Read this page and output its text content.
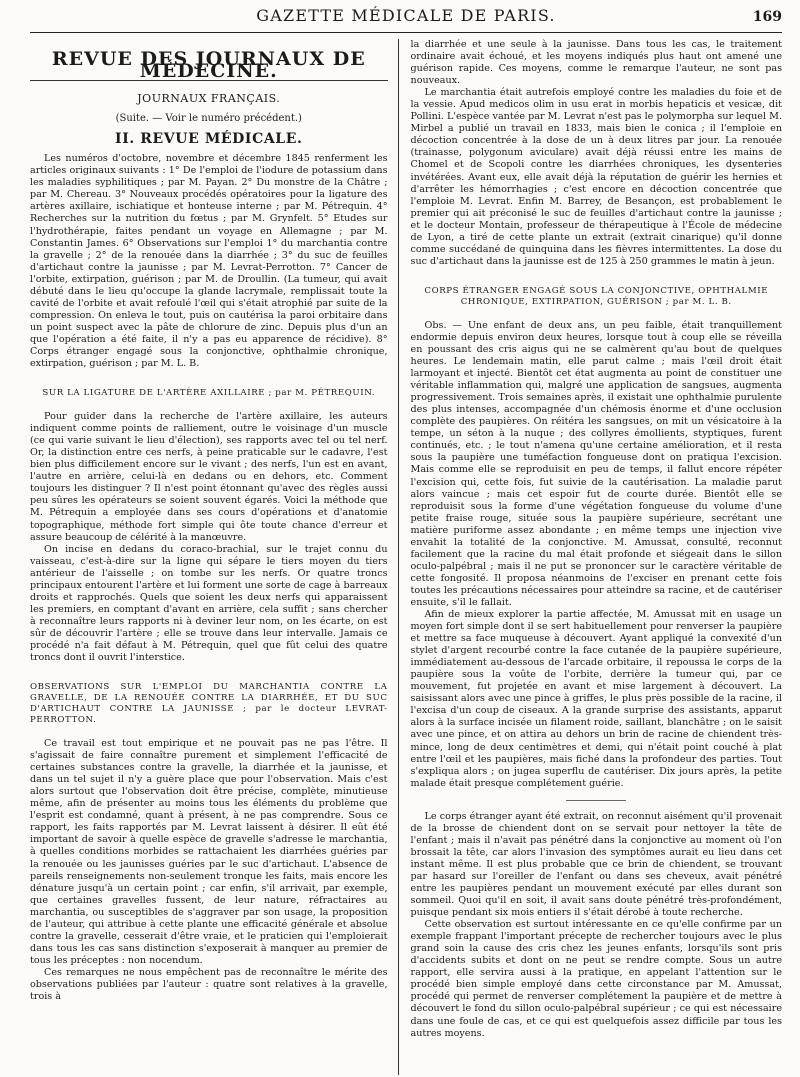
GAZETTE MÉDICALE DE PARIS.	169
REVUE DES JOURNAUX DE MÉDECINE.
JOURNAUX FRANÇAIS.
(Suite. — Voir le numéro précédent.)
II. REVUE MÉDICALE.

Les numéros d'octobre, novembre et décembre 1845 renferment les articles originaux suivants : 1° De l'emploi de l'iodure de potassium dans les maladies syphilitiques ; par M. Payan. 2° Du monstre de la Châtre ; par M. Chereau. 3° Nouveaux procédés opératoires pour la ligature des artères axillaire, ischiatique et honteuse interne ; par M. Pétrequin. 4° Recherches sur la nutrition du fœtus ; par M. Grynfelt. 5° Etudes sur l'hydrothérapie, faites pendant un voyage en Allemagne ; par M. Constantin James. 6° Observations sur l'emploi 1° du marchantia contre la gravelle ; 2° de la renouée dans la diarrhée ; 3° du suc de feuilles d'artichaut contre la jaunisse ; par M. Levrat-Perrotton. 7° Cancer de l'orbite, extirpation, guérison ; par M. de Droullin. (La tumeur, qui avait débuté dans le lieu qu'occupe la glande lacrymale, remplissait toute la cavité de l'orbite et avait refoulé l'œil qui s'était atrophié par suite de la compression. On enleva le tout, puis on cautérisa la paroi orbitaire dans un point suspect avec la pâte de chlorure de zinc. Depuis plus d'un an que l'opération a été faite, il n'y a pas eu apparence de récidive). 8° Corps étranger engagé sous la conjonctive, ophthalmie chronique, extirpation, guérison ; par M. L. B.

SUR LA LIGATURE DE L'ARTÈRE AXILLAIRE ; par M. PÉTREQUIN.

Pour guider dans la recherche de l'artère axillaire, les auteurs indiquent comme points de ralliement, outre le voisinage d'un muscle (ce qui varie suivant le lieu d'élection), ses rapports avec tel ou tel nerf. Or, la distinction entre ces nerfs, à peine praticable sur le cadavre, l'est bien plus difficilement encore sur le vivant ; des nerfs, l'un est en avant, l'autre en arrière, celui-là en dedans ou en dehors, etc. Comment toujours les distinguer ? Il n'est point étonnant qu'avec des règles aussi peu sûres les opérateurs se soient souvent égarés. Voici la méthode que M. Pétrequin a employée dans ses cours d'opérations et d'anatomie topographique, méthode fort simple qui ôte toute chance d'erreur et assure beaucoup de célérité à la manœuvre.

On incise en dedans du coraco-brachial, sur le trajet connu du vaisseau, c'est-à-dire sur la ligne qui sépare le tiers moyen du tiers antérieur de l'aisselle ; on tombe sur les nerfs. Or quatre troncs principaux entourent l'artère et lui forment une sorte de cage à barreaux droits et rapprochés. Quels que soient les deux nerfs qui apparaissent les premiers, en comptant d'avant en arrière, cela suffit ; sans chercher à reconnaître leurs rapports ni à deviner leur nom, on les écarte, on est sûr de découvrir l'artère ; elle se trouve dans leur intervalle. Jamais ce procédé n'a fait défaut à M. Pétrequin, quel que fût celui des quatre troncs dont il ouvrit l'interstice.

OBSERVATIONS SUR L'EMPLOI DU MARCHANTIA CONTRE LA GRAVELLE, DE LA RENOUÉE CONTRE LA DIARRHÉE, ET DU SUC D'ARTICHAUT CONTRE LA JAUNISSE ; par le docteur LEVRAT-PERROTTON.

Ce travail est tout empirique et ne pouvait pas ne pas l'être. Il s'agissait de faire connaître purement et simplement l'efficacité de certaines substances contre la gravelle, la diarrhée et la jaunisse, et dans un tel sujet il n'y a guère place que pour l'observation. Mais c'est alors surtout que l'observation doit être précise, complète, minutieuse même, afin de présenter au moins tous les éléments du problème que l'esprit est condamné, quant à présent, à ne pas comprendre. Sous ce rapport, les faits rapportés par M. Levrat laissent à désirer. Il eût été important de savoir à quelle espèce de gravelle s'adresse le marchantia, à quelles conditions morbides se rattachaient les diarrhées guéries par la renouée ou les jaunisses guéries par le suc d'artichaut. L'absence de pareils renseignements non-seulement tronque les faits, mais encore les dénature jusqu'à un certain point ; car enfin, s'il arrivait, par exemple, que certaines gravelles fussent, de leur nature, réfractaires au marchantia, ou susceptibles de s'aggraver par son usage, la proposition de l'auteur, qui attribue à cette plante une efficacité générale et absolue contre la gravelle, cesserait d'être vraie, et le praticien qui l'emploierait dans tous les cas sans distinction s'exposerait à manquer au premier de tous les préceptes : non nocendum.

Ces remarques ne nous empêchent pas de reconnaître le mérite des observations publiées par l'auteur : quatre sont relatives à la gravelle, trois à

la diarrhée et une seule à la jaunisse. Dans tous les cas, le traitement ordinaire avait échoué, et les moyens indiqués plus haut ont amené une guérison rapide. Ces moyens, comme le remarque l'auteur, ne sont pas nouveaux.

Le marchantia était autrefois employé contre les maladies du foie et de la vessie. Apud medicos olim in usu erat in morbis hepaticis et vesicæ, dit Pollini. L'espèce vantée par M. Levrat n'est pas le polymorpha sur lequel M. Mirbel a publié un travail en 1833, mais bien le conica ; il l'emploie en décoction concentrée à la dose de un à deux litres par jour. La renouée (trainasse, polygonum aviculare) avait déjà réussi entre les mains de Chomel et de Scopoli contre les diarrhées chroniques, les dysenteries invétérées. Avant eux, elle avait déjà la réputation de guérir les hernies et d'arrêter les hémorrhagies ; c'est encore en décoction concentrée que l'emploie M. Levrat. Enfin M. Barrey, de Besançon, est probablement le premier qui ait préconisé le suc de feuilles d'artichaut contre la jaunisse ; et le docteur Montain, professeur de thérapeutique à l'École de médecine de Lyon, a tiré de cette plante un extrait (extrait cinarique) qu'il donne comme succédané de quinquina dans les fièvres intermittentes. La dose du suc d'artichaut dans la jaunisse est de 125 à 250 grammes le matin à jeun.

CORPS ÉTRANGER ENGAGÉ SOUS LA CONJONCTIVE, OPHTHALMIE CHRONIQUE, EXTIRPATION, GUÉRISON ; par M. L. B.

Obs. — Une enfant de deux ans, un peu faible, était tranquillement endormie depuis environ deux heures, lorsque tout à coup elle se réveilla en poussant des cris aigus qui ne se calmèrent qu'au bout de quelques heures. Le lendemain matin, elle parut calme ; mais l'œil droit était larmoyant et injecté. Bientôt cet état augmenta au point de constituer une véritable inflammation qui, malgré une application de sangsues, augmenta progressivement. Trois semaines après, il existait une ophthalmie purulente des plus intenses, accompagnée d'un chémosis énorme et d'une occlusion complète des paupières. On réitéra les sangsues, on mit un vésicatoire à la tempe, un séton à la nuque ; des collyres émollients, styptiques, furent continués, etc. ; le tout n'amena qu'une certaine amélioration, et il resta sous la paupière une tuméfaction fongueuse dont on pratiqua l'excision. Mais comme elle se reproduisit en peu de temps, il fallut encore répéter l'excision qui, cette fois, fut suivie de la cautérisation. La maladie parut alors vaincue ; mais cet espoir fut de courte durée. Bientôt elle se reproduisit sous la forme d'une végétation fongueuse du volume d'une petite fraise rouge, située sous la paupière supérieure, secrétant une matière puriforme assez abondante ; en même temps une injection vive envahit la totalité de la conjonctive. M. Amussat, consulté, reconnut facilement que la racine du mal était profonde et siégeait dans le sillon oculo-palpébral ; mais il ne put se prononcer sur le caractère véritable de cette fongosité. Il proposa néanmoins de l'exciser en prenant cette fois toutes les précautions nécessaires pour atteindre sa racine, et de cautériser ensuite, s'il le fallait.

Afin de mieux explorer la partie affectée, M. Amussat mit en usage un moyen fort simple dont il se sert habituellement pour renverser la paupière et mettre sa face muqueuse à découvert. Ayant appliqué la convexité d'un stylet d'argent recourbé contre la face cutanée de la paupière supérieure, immédiatement au-dessous de l'arcade orbitaire, il repoussa le corps de la paupière sous la voûte de l'orbite, derrière la tumeur qui, par ce mouvement, fut projetée en avant et mise largement à découvert. La saisissant alors avec une pince à griffes, le plus près possible de la racine, il l'excisa d'un coup de ciseaux. A la grande surprise des assistants, apparut alors à la surface incisée un filament roide, saillant, blanchâtre ; on le saisit avec une pince, et on attira au dehors un brin de racine de chiendent très-mince, long de deux centimètres et demi, qui n'était point couché à plat entre l'œil et les paupières, mais fiché dans la profondeur des parties. Tout s'expliqua alors ; on jugea superflu de cautériser. Dix jours après, la petite malade était presque complétement guérie.

Le corps étranger ayant été extrait, on reconnut aisément qu'il provenait de la brosse de chiendent dont on se servait pour nettoyer la tête de l'enfant ; mais il n'avait pas pénétré dans la conjonctive au moment où l'on brossait la tête, car alors l'invasion des symptômes aurait eu lieu dans cet instant même. Il est plus probable que ce brin de chiendent, se trouvant par hasard sur l'oreiller de l'enfant ou dans ses cheveux, avait pénétré entre les paupières pendant un mouvement exécuté par elles durant son sommeil. Quoi qu'il en soit, il avait sans doute pénétré très-profondément, puisque pendant six mois entiers il s'était dérobé à toute recherche.

Cette observation est surtout intéressante en ce qu'elle confirme par un exemple frappant l'important précepte de rechercher toujours avec le plus grand soin la cause des cris chez les jeunes enfants, lorsqu'ils sont pris d'accidents subits et dont on ne peut se rendre compte. Sous un autre rapport, elle servira aussi à la pratique, en appelant l'attention sur le procédé bien simple employé dans cette circonstance par M. Amussat, procédé qui permet de renverser complétement la paupière et de mettre à découvert le fond du sillon oculo-palpébral supérieur ; ce qui est nécessaire dans une foule de cas, et ce qui est quelquefois assez difficile par tous les autres moyens.
